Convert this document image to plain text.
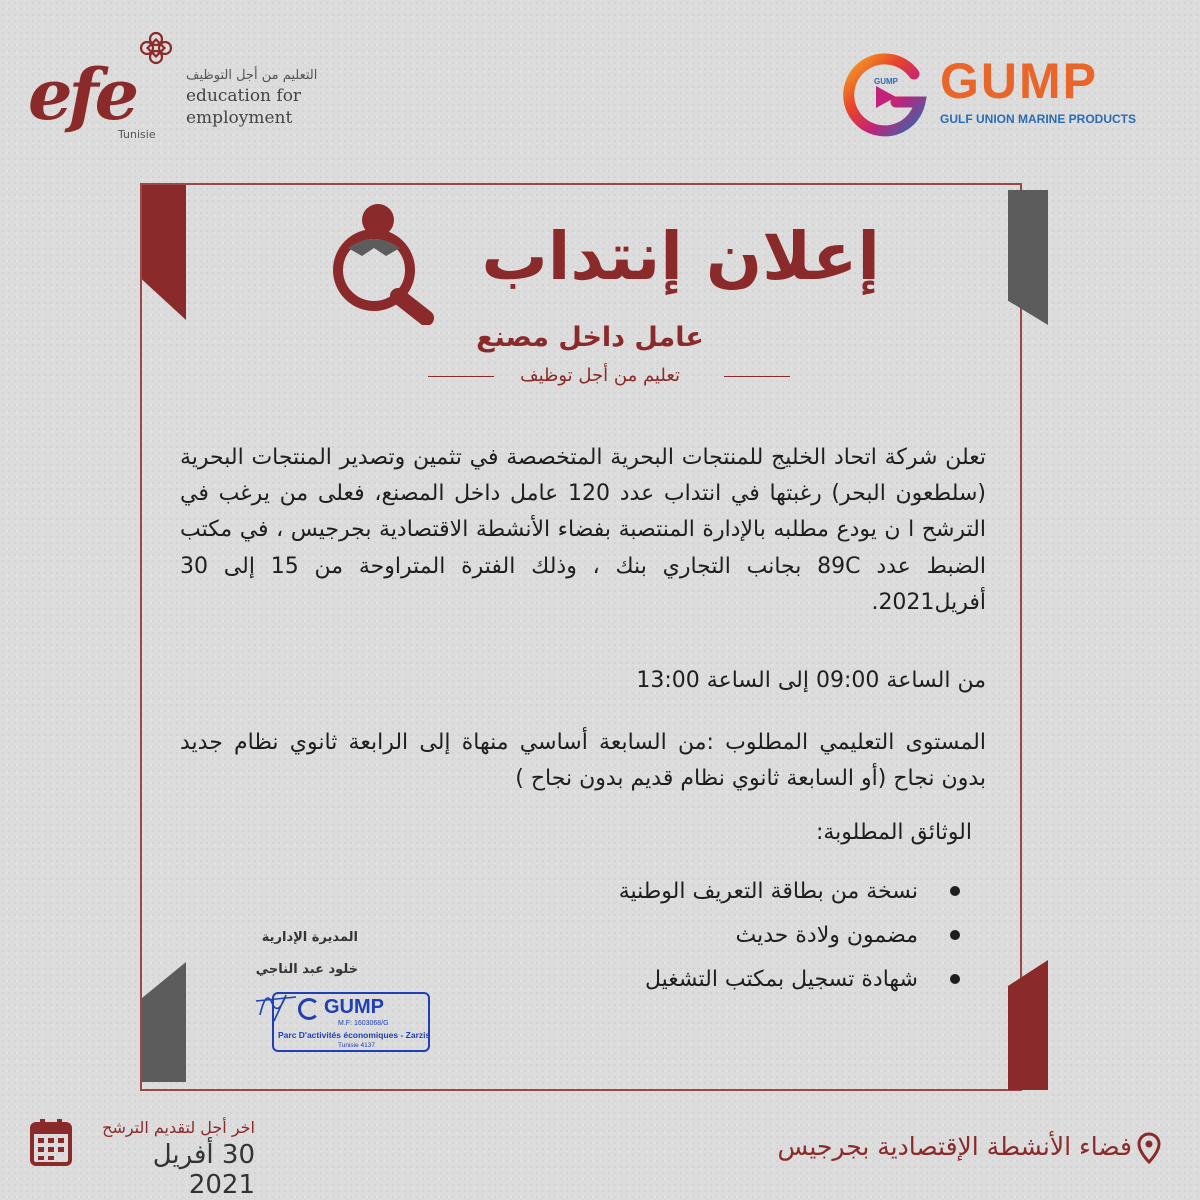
efe
Tunisie
التعليم من أجل التوظيف
education for
employment
GUMP GUMP
GULF UNION MARINE PRODUCTS
إعلان إنتداب
عامل داخل مصنع
تعليم من أجل توظيف
تعلن شركة اتحاد الخليج للمنتجات البحرية المتخصصة في تثمين وتصدير المنتجات البحرية (سلطعون البحر) رغبتها في انتداب عدد 120 عامل داخل المصنع، فعلى من يرغب في الترشح ا ن يودع مطلبه بالإدارة المنتصبة بفضاء الأنشطة الاقتصادية بجرجيس ، في مكتب الضبط عدد 89C بجانب التجاري بنك ، وذلك الفترة المتراوحة من 15 إلى 30 أفريل2021.
من الساعة 09:00 إلى الساعة 13:00
المستوى التعليمي المطلوب :من السابعة أساسي منهاة إلى الرابعة ثانوي نظام جديد بدون نجاح (أو السابعة ثانوي نظام قديم بدون نجاح )
الوثائق المطلوبة:
نسخة من بطاقة التعريف الوطنية
مضمون ولادة حديث
شهادة تسجيل بمكتب التشغيل
المديرة الإدارية
خلود عبد الناجي
GUMP
M.F: 1603068/G
Parc D'activités économiques - Zarzis
Tunisie 4137
اخر أجل لتقديم الترشح
30 أفريل 2021
فضاء الأنشطة الإقتصادية بجرجيس
